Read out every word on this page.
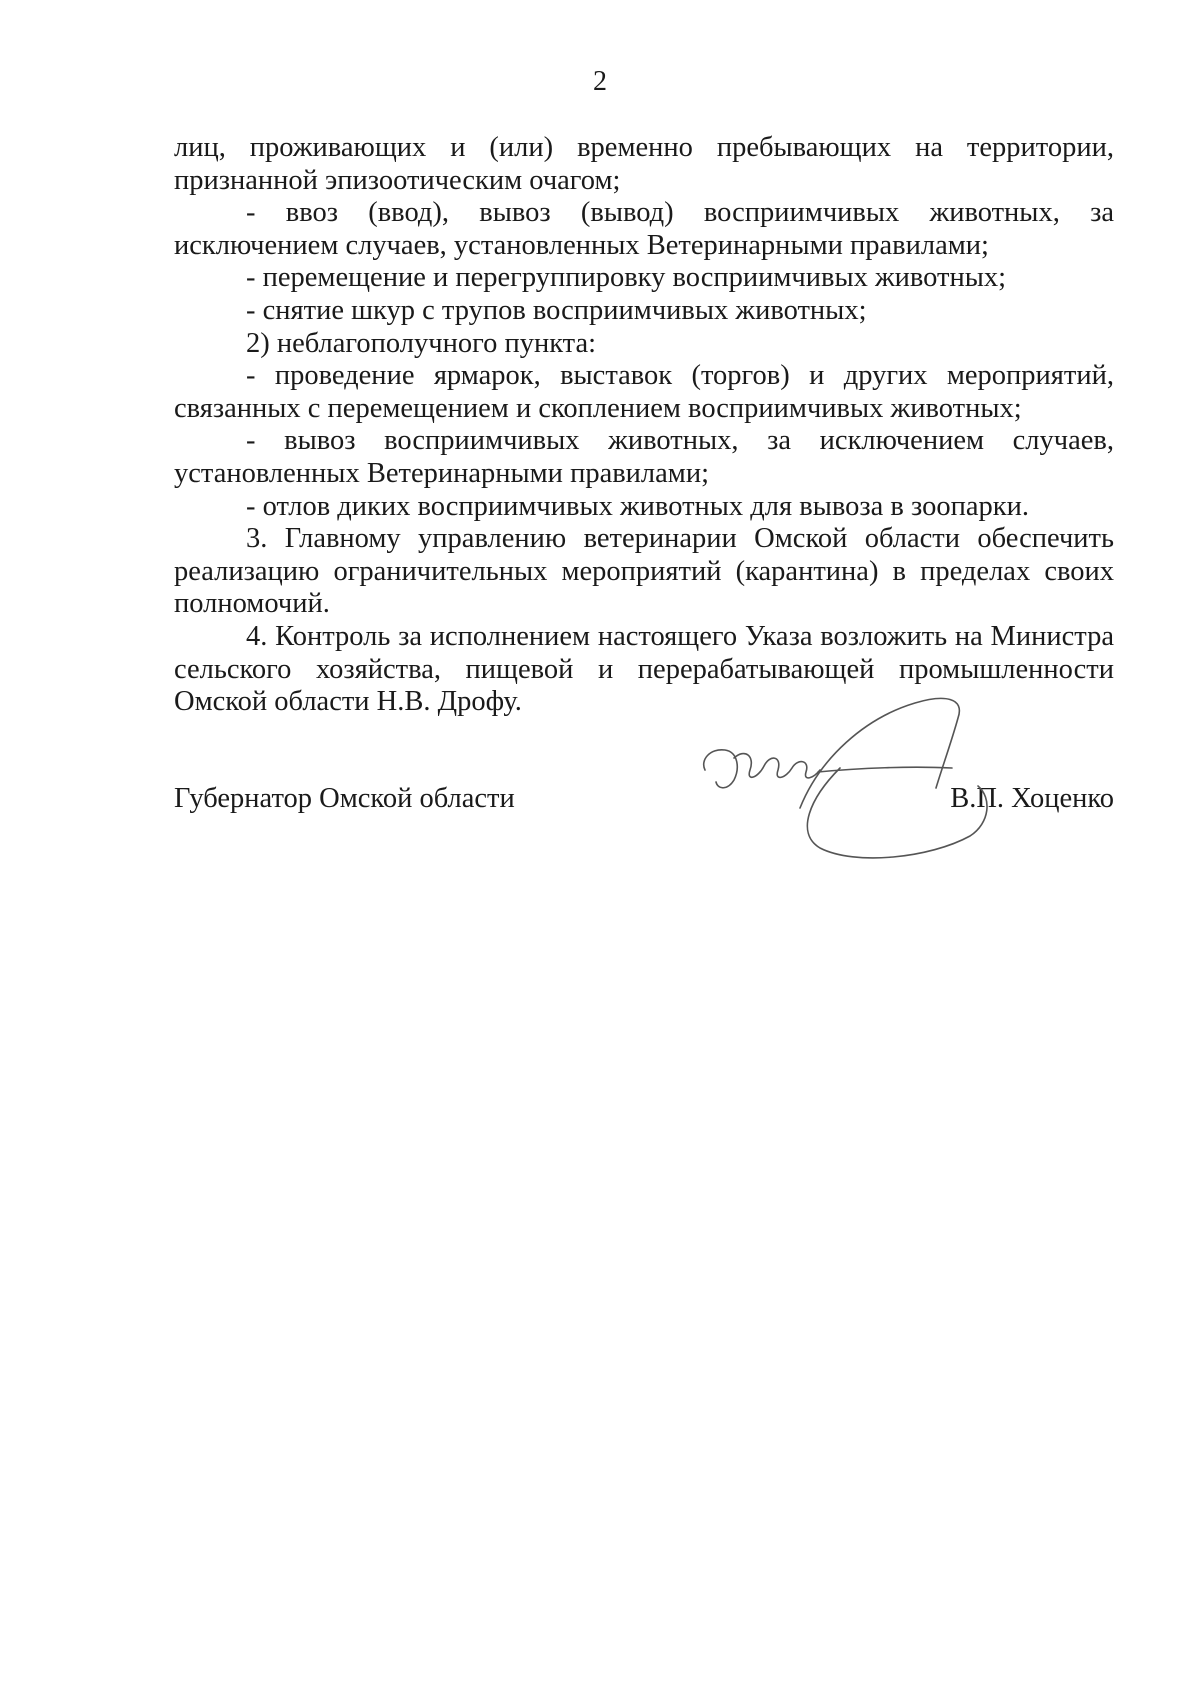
2

лиц, проживающих и (или) временно пребывающих на территории, признанной эпизоотическим очагом;

- ввоз (ввод), вывоз (вывод) восприимчивых животных, за исключением случаев, установленных Ветеринарными правилами;

- перемещение и перегруппировку восприимчивых животных;

- снятие шкур с трупов восприимчивых животных;

2) неблагополучного пункта:

- проведение ярмарок, выставок (торгов) и других мероприятий, связанных с перемещением и скоплением восприимчивых животных;

- вывоз восприимчивых животных, за исключением случаев, установленных Ветеринарными правилами;

- отлов диких восприимчивых животных для вывоза в зоопарки.

3. Главному управлению ветеринарии Омской области обеспечить реализацию ограничительных мероприятий (карантина) в пределах своих полномочий.

4. Контроль за исполнением настоящего Указа возложить на Министра сельского хозяйства, пищевой и перерабатывающей промышленности Омской области Н.В. Дрофу.

Губернатор Омской области	В.П. Хоценко
